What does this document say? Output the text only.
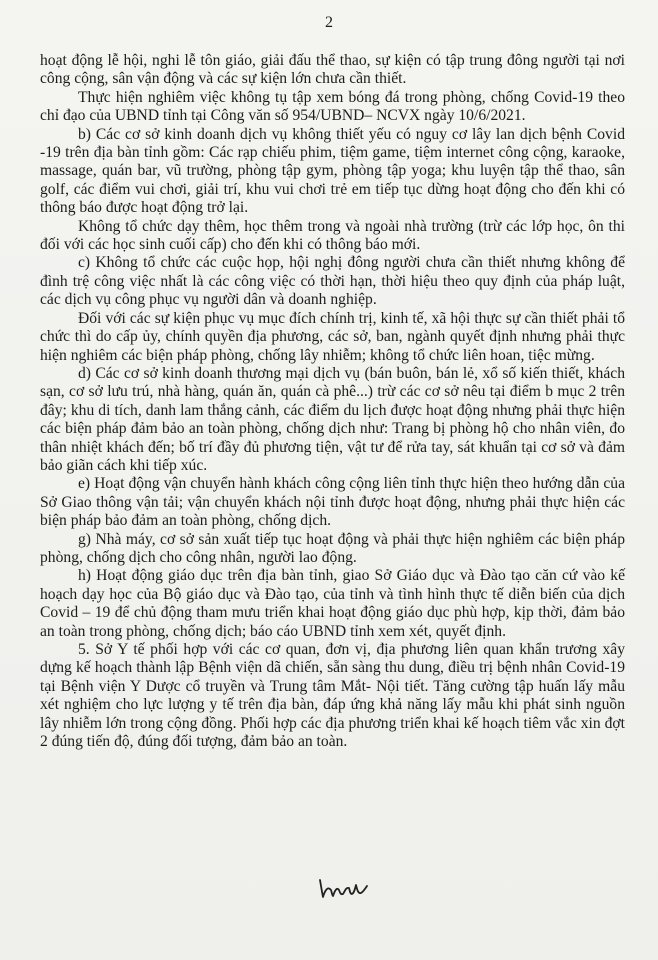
2

hoạt động lễ hội, nghi lễ tôn giáo, giải đấu thể thao, sự kiện có tập trung đông người tại nơi công cộng, sân vận động và các sự kiện lớn chưa cần thiết.

Thực hiện nghiêm việc không tụ tập xem bóng đá trong phòng, chống Covid-19 theo chỉ đạo của UBND tỉnh tại Công văn số 954/UBND– NCVX ngày 10/6/2021.

b) Các cơ sở kinh doanh dịch vụ không thiết yếu có nguy cơ lây lan dịch bệnh Covid -19 trên địa bàn tỉnh gồm: Các rạp chiếu phim, tiệm game, tiệm internet công cộng, karaoke, massage, quán bar, vũ trường, phòng tập gym, phòng tập yoga; khu luyện tập thể thao, sân golf, các điểm vui chơi, giải trí, khu vui chơi trẻ em tiếp tục dừng hoạt động cho đến khi có thông báo được hoạt động trở lại.

Không tổ chức dạy thêm, học thêm trong và ngoài nhà trường (trừ các lớp học, ôn thi đối với các học sinh cuối cấp) cho đến khi có thông báo mới.

c) Không tổ chức các cuộc họp, hội nghị đông người chưa cần thiết nhưng không để đình trệ công việc nhất là các công việc có thời hạn, thời hiệu theo quy định của pháp luật, các dịch vụ công phục vụ người dân và doanh nghiệp.

Đối với các sự kiện phục vụ mục đích chính trị, kinh tế, xã hội thực sự cần thiết phải tổ chức thì do cấp ủy, chính quyền địa phương, các sở, ban, ngành quyết định nhưng phải thực hiện nghiêm các biện pháp phòng, chống lây nhiễm; không tổ chức liên hoan, tiệc mừng.

d) Các cơ sở kinh doanh thương mại dịch vụ (bán buôn, bán lẻ, xổ số kiến thiết, khách sạn, cơ sở lưu trú, nhà hàng, quán ăn, quán cà phê...) trừ các cơ sở nêu tại điểm b mục 2 trên đây; khu di tích, danh lam thắng cảnh, các điểm du lịch được hoạt động nhưng phải thực hiện các biện pháp đảm bảo an toàn phòng, chống dịch như: Trang bị phòng hộ cho nhân viên, đo thân nhiệt khách đến; bố trí đầy đủ phương tiện, vật tư để rửa tay, sát khuẩn tại cơ sở và đảm bảo giãn cách khi tiếp xúc.

e) Hoạt động vận chuyển hành khách công cộng liên tỉnh thực hiện theo hướng dẫn của Sở Giao thông vận tải; vận chuyển khách nội tỉnh được hoạt động, nhưng phải thực hiện các biện pháp bảo đảm an toàn phòng, chống dịch.

g) Nhà máy, cơ sở sản xuất tiếp tục hoạt động và phải thực hiện nghiêm các biện pháp phòng, chống dịch cho công nhân, người lao động.

h) Hoạt động giáo dục trên địa bàn tỉnh, giao Sở Giáo dục và Đào tạo căn cứ vào kế hoạch dạy học của Bộ giáo dục và Đào tạo, của tỉnh và tình hình thực tế diễn biến của dịch Covid – 19 để chủ động tham mưu triển khai hoạt động giáo dục phù hợp, kịp thời, đảm bảo an toàn trong phòng, chống dịch; báo cáo UBND tỉnh xem xét, quyết định.

5. Sở Y tế phối hợp với các cơ quan, đơn vị, địa phương liên quan khẩn trương xây dựng kế hoạch thành lập Bệnh viện dã chiến, sẵn sàng thu dung, điều trị bệnh nhân Covid-19 tại Bệnh viện Y Dược cổ truyền và Trung tâm Mắt- Nội tiết. Tăng cường tập huấn lấy mẫu xét nghiệm cho lực lượng y tế trên địa bàn, đáp ứng khả năng lấy mẫu khi phát sinh nguồn lây nhiễm lớn trong cộng đồng. Phối hợp các địa phương triển khai kế hoạch tiêm vắc xin đợt 2 đúng tiến độ, đúng đối tượng, đảm bảo an toàn.
